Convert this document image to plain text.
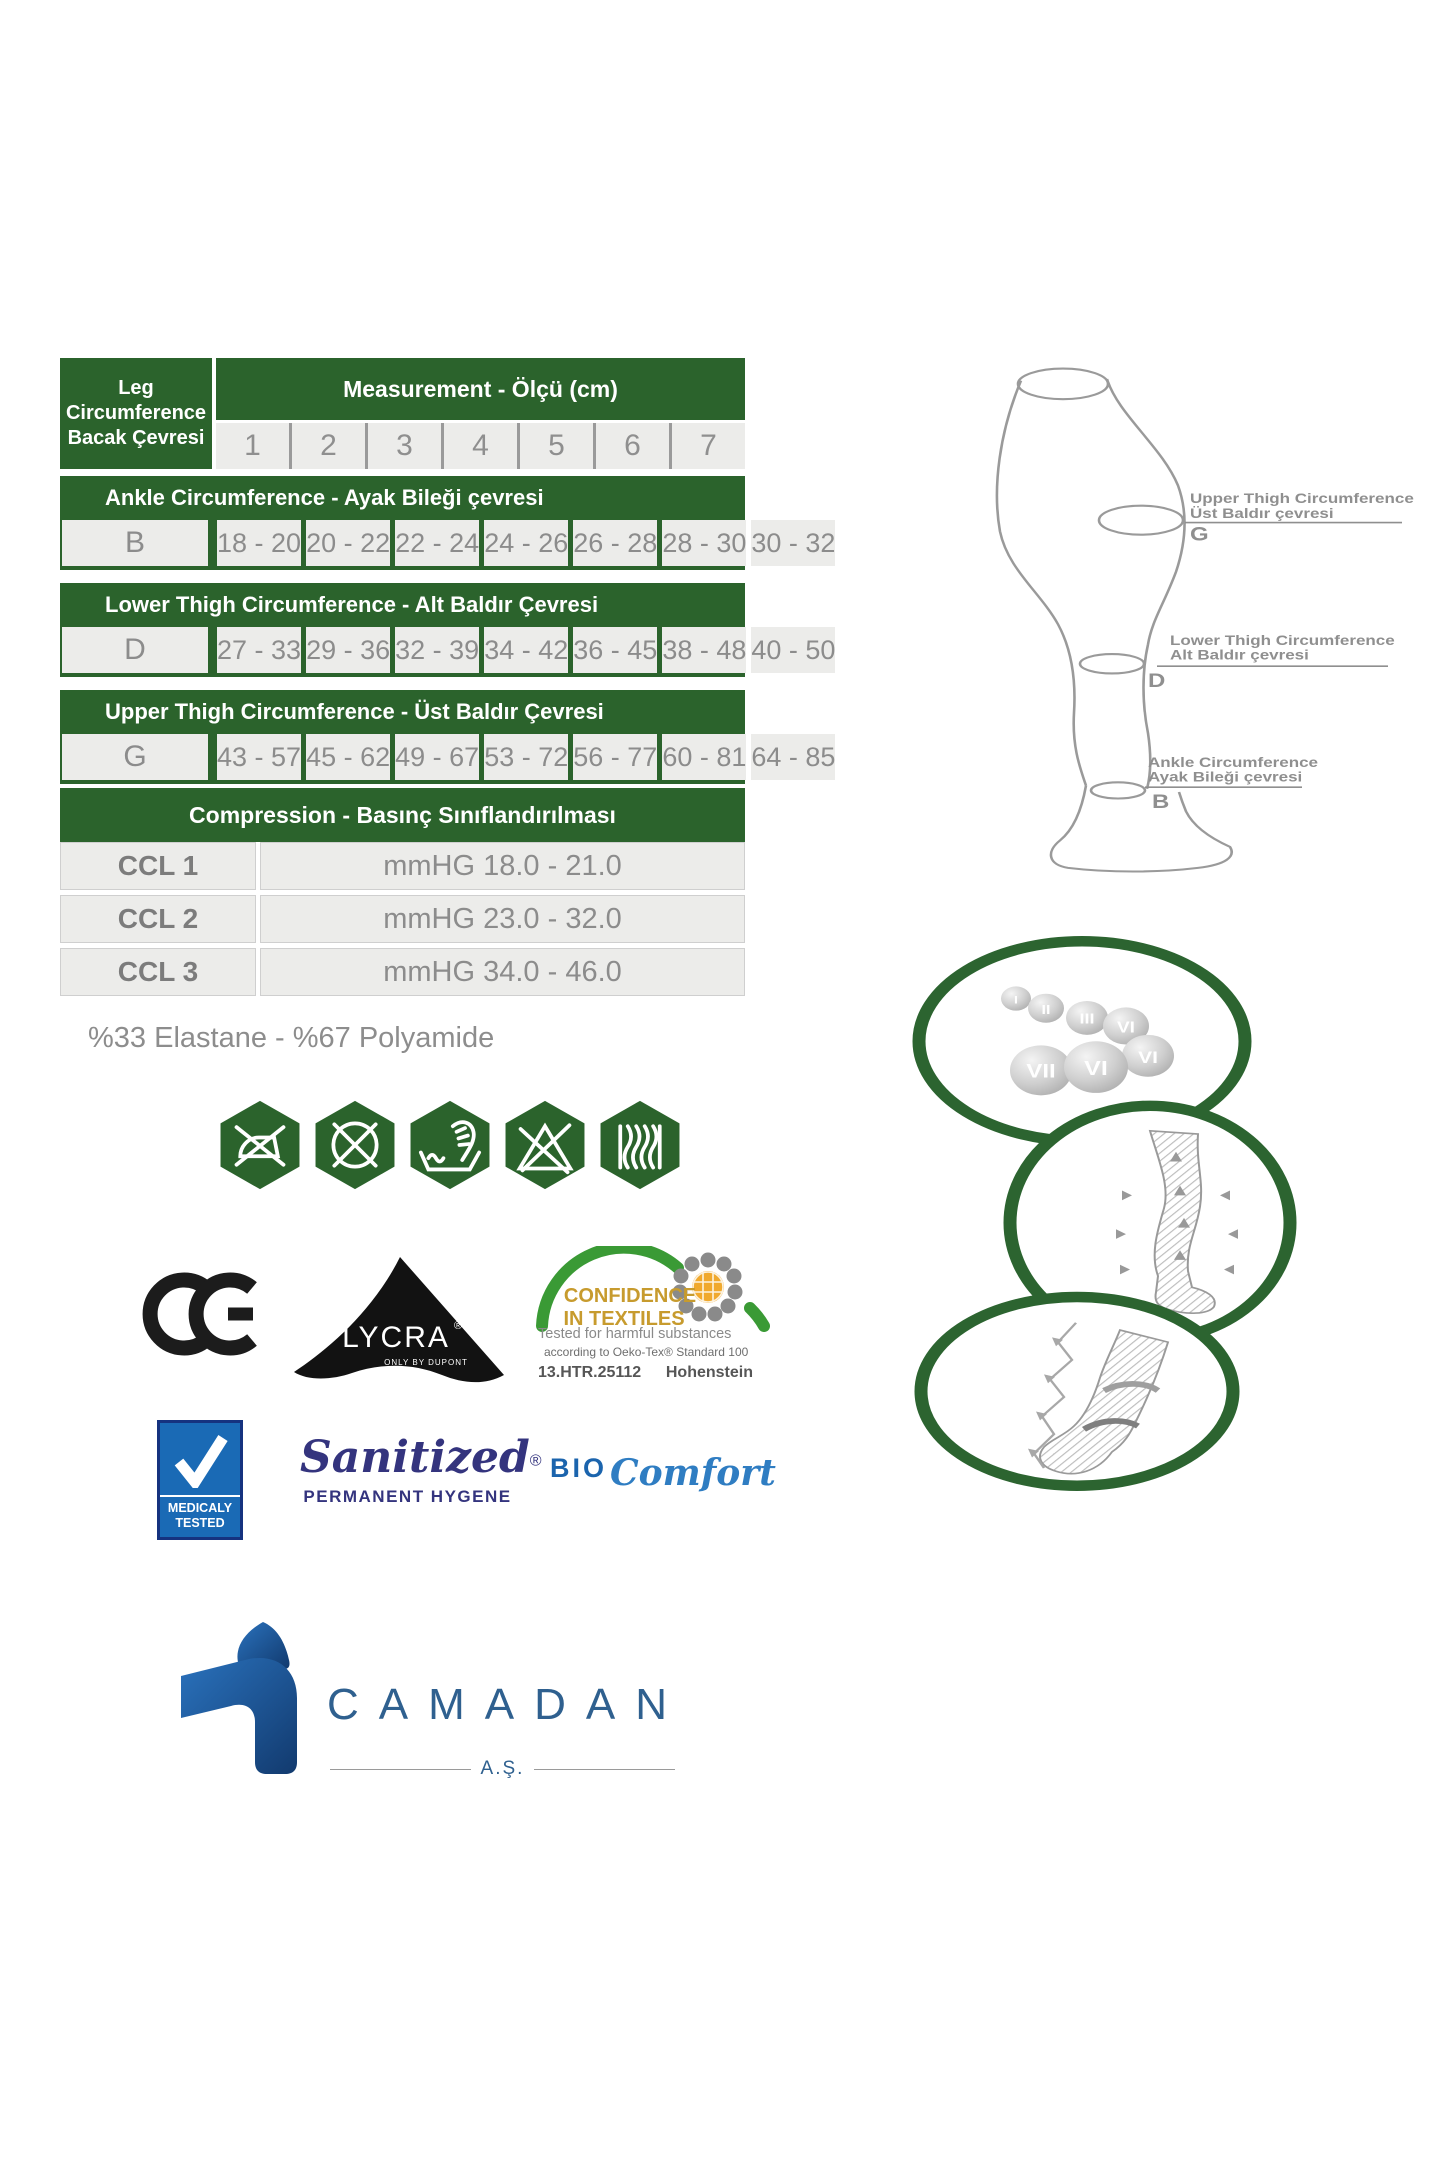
Leg
Circumference
Bacak Çevresi
Measurement - Ölçü (cm)
1	2	3	4	5	6	7
Ankle Circumference - Ayak Bileği çevresi
B	18 - 20 20 - 22 22 - 24 24 - 26 26 - 28 28 - 30 30 - 32
Lower Thigh Circumference - Alt Baldır Çevresi
D	27 - 33 29 - 36 32 - 39 34 - 42 36 - 45 38 - 48 40 - 50
Upper Thigh Circumference - Üst Baldır Çevresi
G	43 - 57 45 - 62 49 - 67 53 - 72 56 - 77 60 - 81 64 - 85
Compression - Basınç Sınıflandırılması
CCL 1	mmHG 18.0 - 21.0
CCL 2	mmHG 23.0 - 32.0
CCL 3	mmHG 34.0 - 46.0
%33 Elastane - %67 Polyamide
LYCRA ®
ONLY BY DUPONT
CONFIDENCE
IN TEXTILES
Tested for harmful substances
according to Oeko-Tex® Standard 100
13.HTR.25112 Hohenstein
MEDICALY
TESTED
Sanitized®
PERMANENT HYGENE
BIOComfort
CAMADAN
A.Ş.
Upper Thigh Circumference
Üst Baldır çevresi
G
Lower Thigh Circumference
Alt Baldır çevresi
D
Ankle Circumference
Ayak Bileği çevresi
B
I
II
III VI
VII
VI
VI
